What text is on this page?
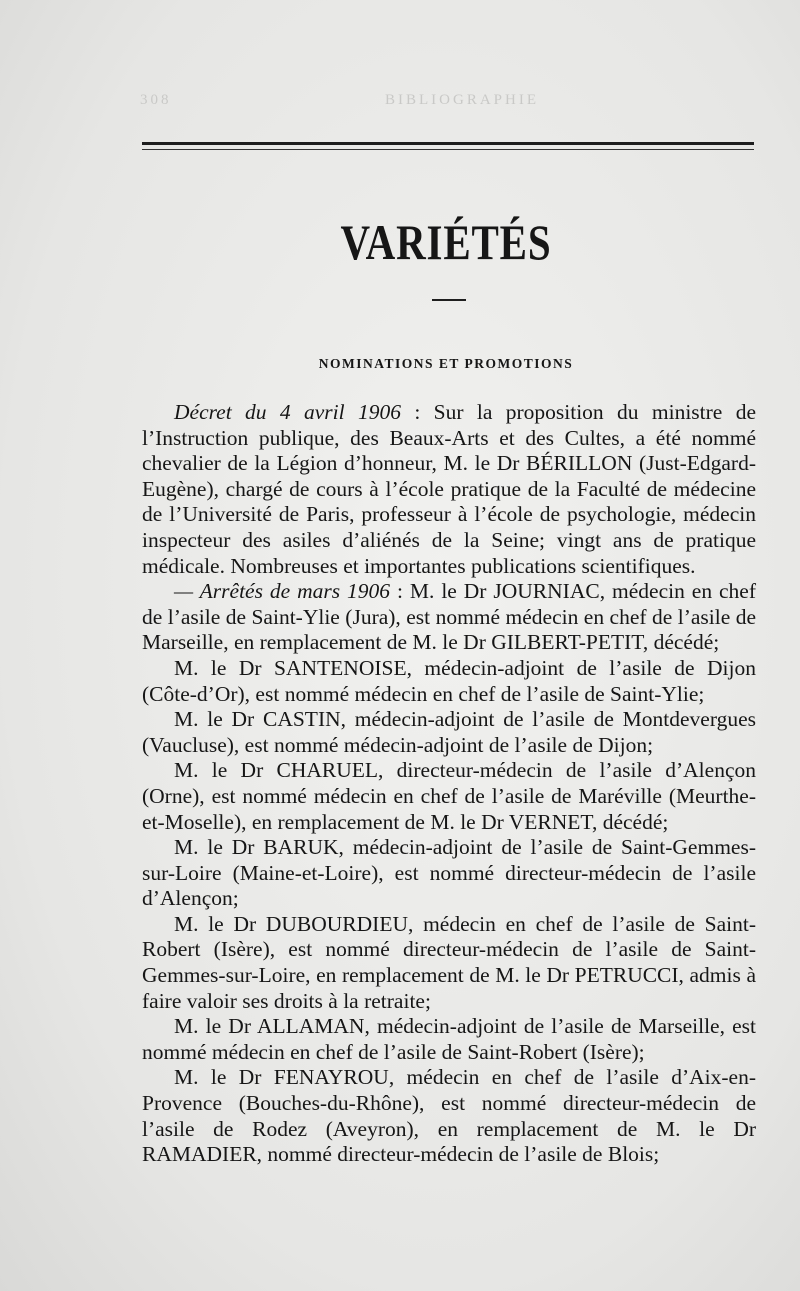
308	BIBLIOGRAPHIE
VARIÉTÉS
NOMINATIONS ET PROMOTIONS

Décret du 4 avril 1906 : Sur la proposition du ministre de l’Instruction publique, des Beaux-Arts et des Cultes, a été nommé chevalier de la Légion d’honneur, M. le Dr BÉRILLON (Just-Edgard-Eugène), chargé de cours à l’école pratique de la Faculté de médecine de l’Université de Paris, professeur à l’école de psychologie, médecin inspecteur des asiles d’aliénés de la Seine; vingt ans de pratique médicale. Nombreuses et importantes publications scientifiques.

— Arrêtés de mars 1906 : M. le Dr JOURNIAC, médecin en chef de l’asile de Saint-Ylie (Jura), est nommé médecin en chef de l’asile de Marseille, en remplacement de M. le Dr GILBERT-PETIT, décédé;

M. le Dr SANTENOISE, médecin-adjoint de l’asile de Dijon (Côte-d’Or), est nommé médecin en chef de l’asile de Saint-Ylie;

M. le Dr CASTIN, médecin-adjoint de l’asile de Montdevergues (Vaucluse), est nommé médecin-adjoint de l’asile de Dijon;

M. le Dr CHARUEL, directeur-médecin de l’asile d’Alençon (Orne), est nommé médecin en chef de l’asile de Maréville (Meurthe-et-Moselle), en remplacement de M. le Dr VERNET, décédé;

M. le Dr BARUK, médecin-adjoint de l’asile de Saint-Gemmes-sur-Loire (Maine-et-Loire), est nommé directeur-médecin de l’asile d’Alençon;

M. le Dr DUBOURDIEU, médecin en chef de l’asile de Saint-Robert (Isère), est nommé directeur-médecin de l’asile de Saint-Gemmes-sur-Loire, en remplacement de M. le Dr PETRUCCI, admis à faire valoir ses droits à la retraite;

M. le Dr ALLAMAN, médecin-adjoint de l’asile de Marseille, est nommé médecin en chef de l’asile de Saint-Robert (Isère);

M. le Dr FENAYROU, médecin en chef de l’asile d’Aix-en-Provence (Bouches-du-Rhône), est nommé directeur-médecin de l’asile de Rodez (Aveyron), en remplacement de M. le Dr RAMADIER, nommé directeur-médecin de l’asile de Blois;
